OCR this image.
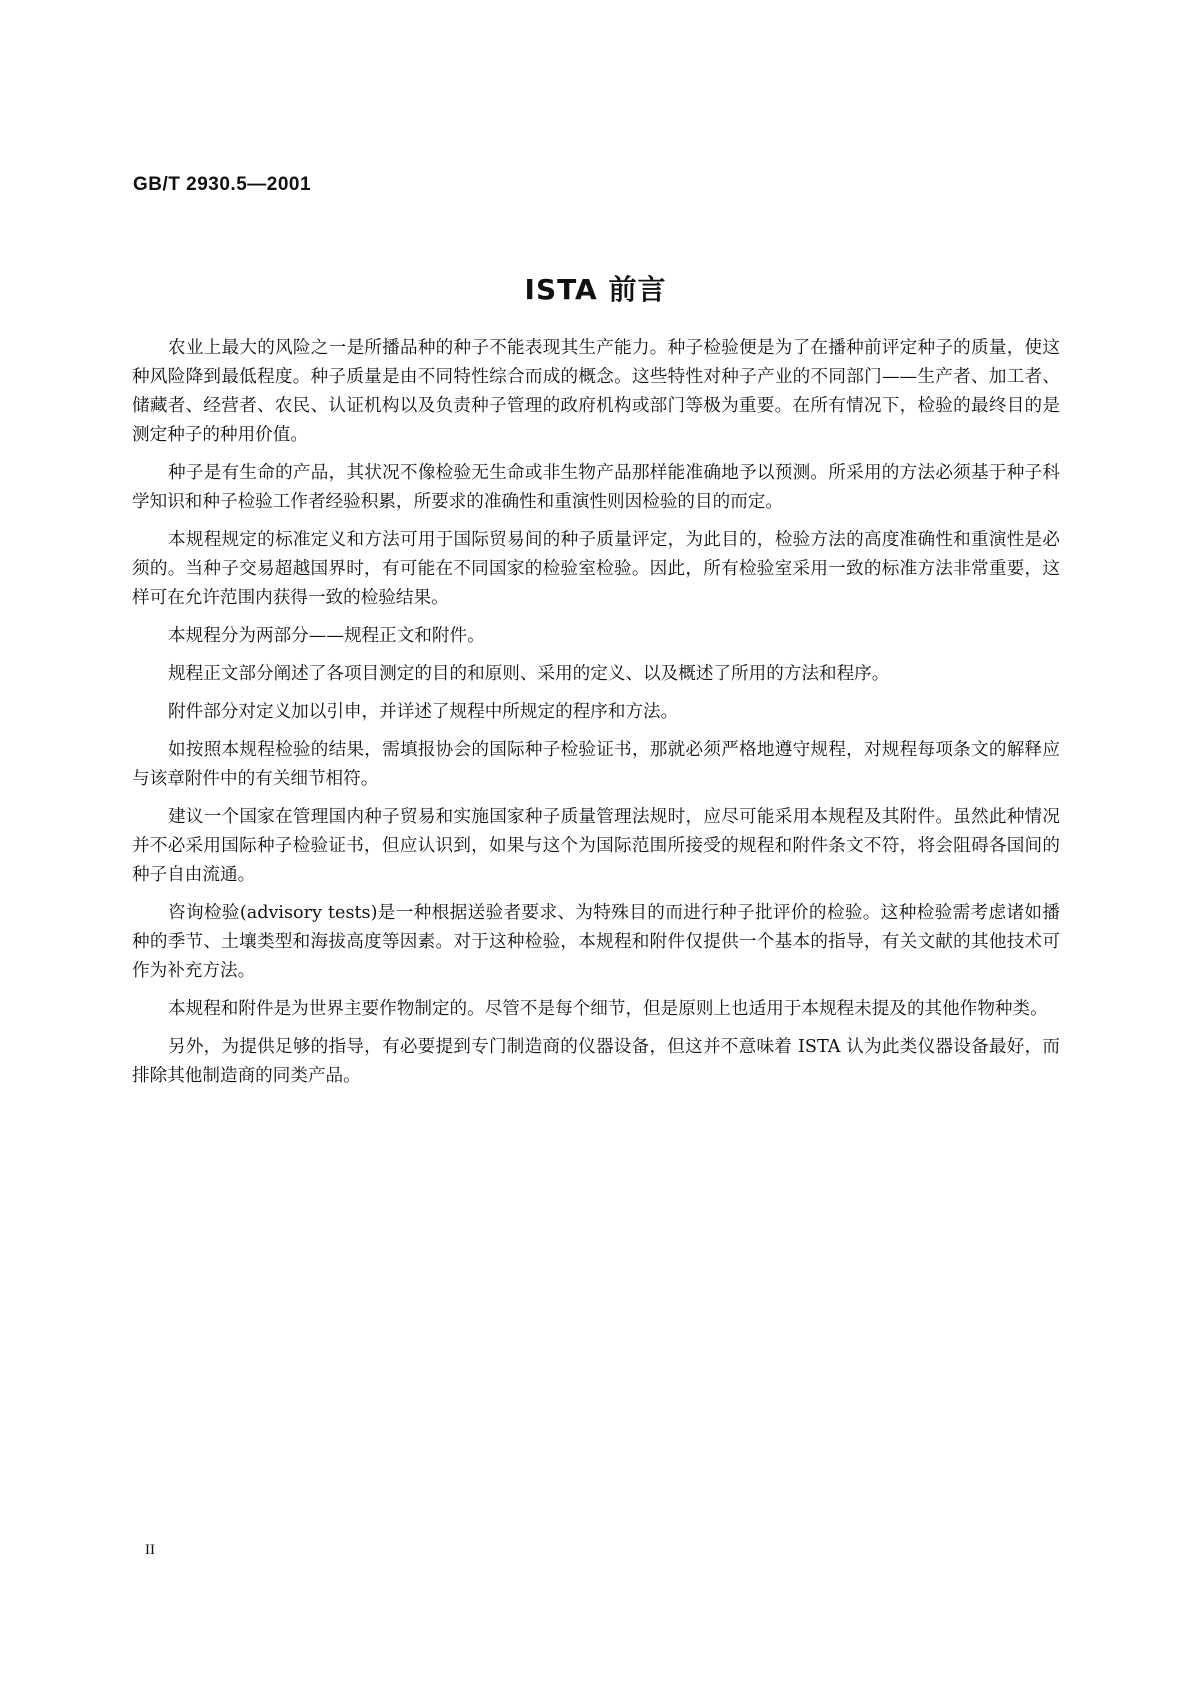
GB/T 2930.5—2001
ISTA 前言

农业上最大的风险之一是所播品种的种子不能表现其生产能力。种子检验便是为了在播种前评定种子的质量，使这种风险降到最低程度。种子质量是由不同特性综合而成的概念。这些特性对种子产业的不同部门——生产者、加工者、储藏者、经营者、农民、认证机构以及负责种子管理的政府机构或部门等极为重要。在所有情况下，检验的最终目的是测定种子的种用价值。

种子是有生命的产品，其状况不像检验无生命或非生物产品那样能准确地予以预测。所采用的方法必须基于种子科学知识和种子检验工作者经验积累，所要求的准确性和重演性则因检验的目的而定。

本规程规定的标准定义和方法可用于国际贸易间的种子质量评定，为此目的，检验方法的高度准确性和重演性是必须的。当种子交易超越国界时，有可能在不同国家的检验室检验。因此，所有检验室采用一致的标准方法非常重要，这样可在允许范围内获得一致的检验结果。

本规程分为两部分——规程正文和附件。

规程正文部分阐述了各项目测定的目的和原则、采用的定义、以及概述了所用的方法和程序。

附件部分对定义加以引申，并详述了规程中所规定的程序和方法。

如按照本规程检验的结果，需填报协会的国际种子检验证书，那就必须严格地遵守规程，对规程每项条文的解释应与该章附件中的有关细节相符。

建议一个国家在管理国内种子贸易和实施国家种子质量管理法规时，应尽可能采用本规程及其附件。虽然此种情况并不必采用国际种子检验证书，但应认识到，如果与这个为国际范围所接受的规程和附件条文不符，将会阻碍各国间的种子自由流通。

咨询检验(advisory tests)是一种根据送验者要求、为特殊目的而进行种子批评价的检验。这种检验需考虑诸如播种的季节、土壤类型和海拔高度等因素。对于这种检验，本规程和附件仅提供一个基本的指导，有关文献的其他技术可作为补充方法。

本规程和附件是为世界主要作物制定的。尽管不是每个细节，但是原则上也适用于本规程未提及的其他作物种类。

另外，为提供足够的指导，有必要提到专门制造商的仪器设备，但这并不意味着 ISTA 认为此类仪器设备最好，而排除其他制造商的同类产品。

II
